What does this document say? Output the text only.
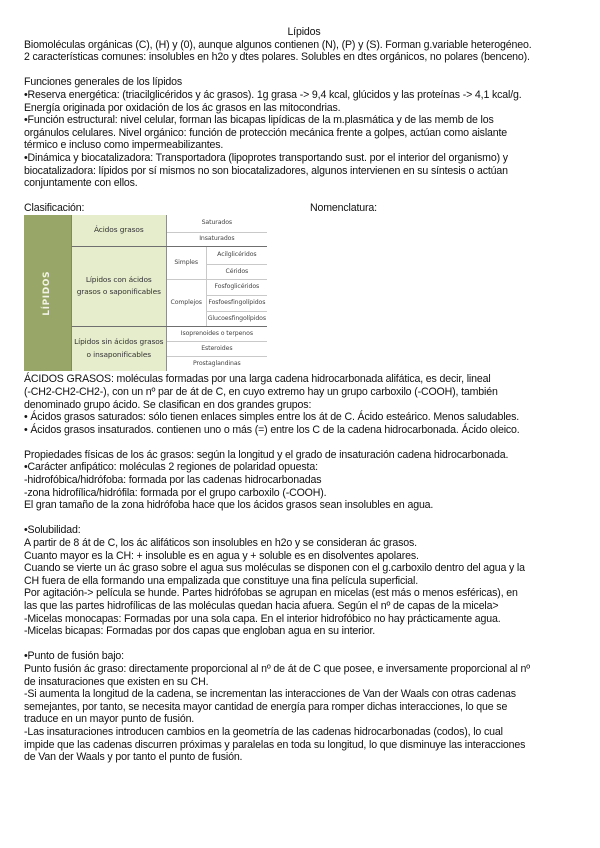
Lípidos
Biomoléculas orgánicas (C), (H) y (0), aunque algunos contienen (N), (P) y (S). Forman g.variable heterogéneo.
2 características comunes: insolubles en h2o y dtes polares. Solubles en dtes orgánicos, no polares (benceno).
Funciones generales de los lípidos
•Reserva energética: (triacilglicéridos y ác grasos). 1g grasa -> 9,4 kcal, glúcidos y las proteínas -> 4,1 kcal/g.
Energía originada por oxidación de los ác grasos en las mitocondrias.
•Función estructural: nivel celular, forman las bicapas lipídicas de la m.plasmática y de las memb de los
orgánulos celulares. Nivel orgánico: función de protección mecánica frente a golpes, actúan como aislante
térmico e incluso como impermeabilizantes.
•Dinámica y biocatalizadora: Transportadora (lipoprotes transportando sust. por el interior del organismo) y
biocatalizadora: lípidos por sí mismos no son biocatalizadores, algunos intervienen en su síntesis o actúan
conjuntamente con ellos.
Clasificación:	Nomenclatura:
LÍPIDOS	Ácidos grasos	Saturados	
		Insaturados	
	Lípidos con ácidos grasos o saponificables	Simples	Acilglicéridos
			Céridos
		Complejos	Fosfoglicéridos
			Fosfoesfingolípidos
			Glucoesfingolípidos
	Lípidos sin ácidos grasos o insaponificables	Isoprenoides o terpenos	
		Esteroides	
		Prostaglandinas	
ÁCIDOS GRASOS: moléculas formadas por una larga cadena hidrocarbonada alifática, es decir, lineal
(-CH2-CH2-CH2-), con un nº par de át de C, en cuyo extremo hay un grupo carboxilo (-COOH), también
denominado grupo ácido. Se clasifican en dos grandes grupos:
• Ácidos grasos saturados: sólo tienen enlaces simples entre los át de C. Ácido esteárico. Menos saludables.
• Ácidos grasos insaturados. contienen uno o más (=) entre los C de la cadena hidrocarbonada. Ácido oleico.
Propiedades físicas de los ác grasos: según la longitud y el grado de insaturación cadena hidrocarbonada.
•Carácter anfipático: moléculas 2 regiones de polaridad opuesta:
-hidrofóbica/hidrófoba: formada por las cadenas hidrocarbonadas
-zona hidrofílica/hidrófila: formada por el grupo carboxilo (-COOH).
El gran tamaño de la zona hidrófoba hace que los ácidos grasos sean insolubles en agua.
•Solubilidad:
A partir de 8 át de C, los ác alifáticos son insolubles en h2o y se consideran ác grasos.
Cuanto mayor es la CH: + insoluble es en agua y + soluble es en disolventes apolares.
Cuando se vierte un ác graso sobre el agua sus moléculas se disponen con el g.carboxilo dentro del agua y la
CH fuera de ella formando una empalizada que constituye una fina película superficial.
Por agitación-> película se hunde. Partes hidrófobas se agrupan en micelas (est más o menos esféricas), en
las que las partes hidrofílicas de las moléculas quedan hacia afuera. Según el nº de capas de la micela>
-Micelas monocapas: Formadas por una sola capa. En el interior hidrofóbico no hay prácticamente agua.
-Micelas bicapas: Formadas por dos capas que engloban agua en su interior.
•Punto de fusión bajo:
Punto fusión ác graso: directamente proporcional al nº de át de C que posee, e inversamente proporcional al nº
de insaturaciones que existen en su CH.
-Si aumenta la longitud de la cadena, se incrementan las interacciones de Van der Waals con otras cadenas
semejantes, por tanto, se necesita mayor cantidad de energía para romper dichas interacciones, lo que se
traduce en un mayor punto de fusión.
-Las insaturaciones introducen cambios en la geometría de las cadenas hidrocarbonadas (codos), lo cual
impide que las cadenas discurren próximas y paralelas en toda su longitud, lo que disminuye las interacciones
de Van der Waals y por tanto el punto de fusión.
